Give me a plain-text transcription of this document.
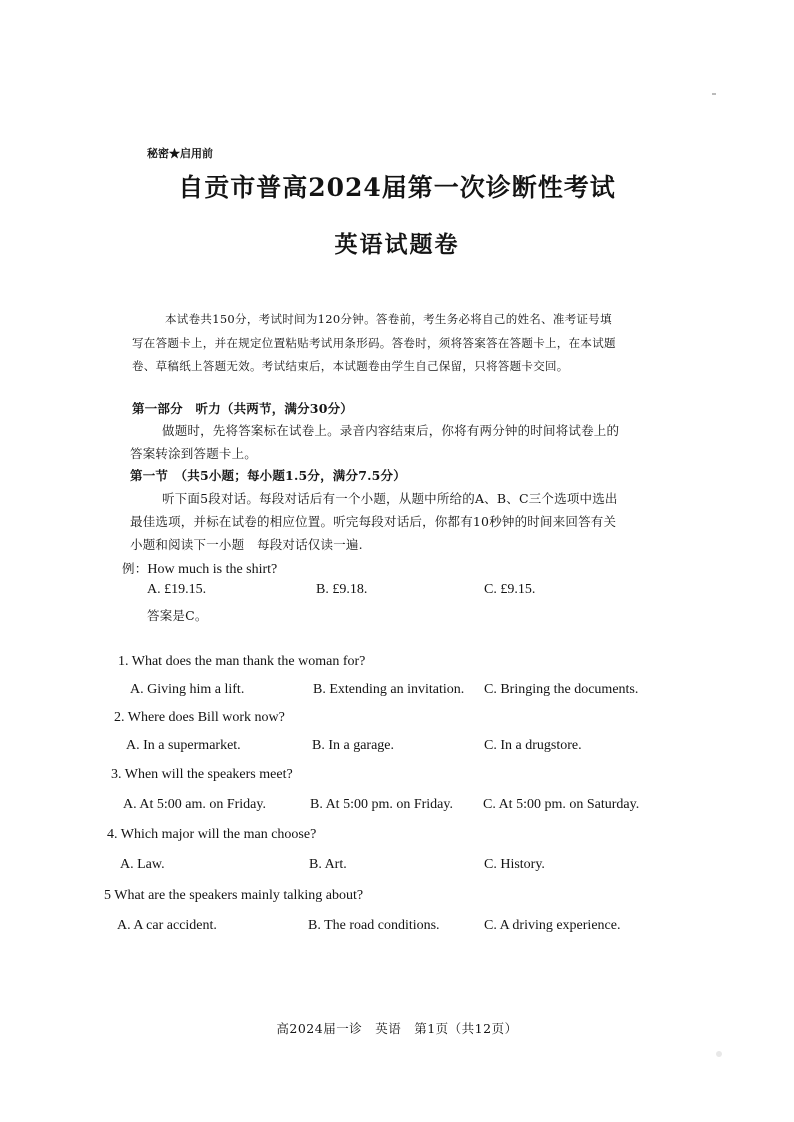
秘密★启用前
自贡市普高2024届第一次诊断性考试
英语试题卷
本试卷共150分，考试时间为120分钟。答卷前，考生务必将自己的姓名、准考证号填
写在答题卡上，并在规定位置粘贴考试用条形码。答卷时，须将答案答在答题卡上，在本试题
卷、草稿纸上答题无效。考试结束后，本试题卷由学生自己保留，只将答题卡交回。
第一部分　听力（共两节，满分30分）
做题时，先将答案标在试卷上。录音内容结束后，你将有两分钟的时间将试卷上的
答案转涂到答题卡上。
第一节　（共5小题；每小题1.5分，满分7.5分）
听下面5段对话。每段对话后有一个小题，从题中所给的A、B、C三个选项中选出
最佳选项，并标在试卷的相应位置。听完每段对话后，你都有10秒钟的时间来回答有关
小题和阅读下一小题　每段对话仅读一遍.
例：How much is the shirt?
A. £19.15.	B. £9.18.	C. £9.15.
答案是C。
1. What does the man thank the woman for?
A. Giving him a lift.	B. Extending an invitation. C. Bringing the documents.
2. Where does Bill work now?
A. In a supermarket.	B. In a garage.	C. In a drugstore.
3. When will the speakers meet?
A. At 5:00 am. on Friday.	B. At 5:00 pm. on Friday. C. At 5:00 pm. on Saturday.
4. Which major will the man choose?
A. Law.	B. Art.	C. History.
5 What are the speakers mainly talking about?
A. A car accident.	B. The road conditions.	C. A driving experience.
高2024届一诊　英语　第1页（共12页）
